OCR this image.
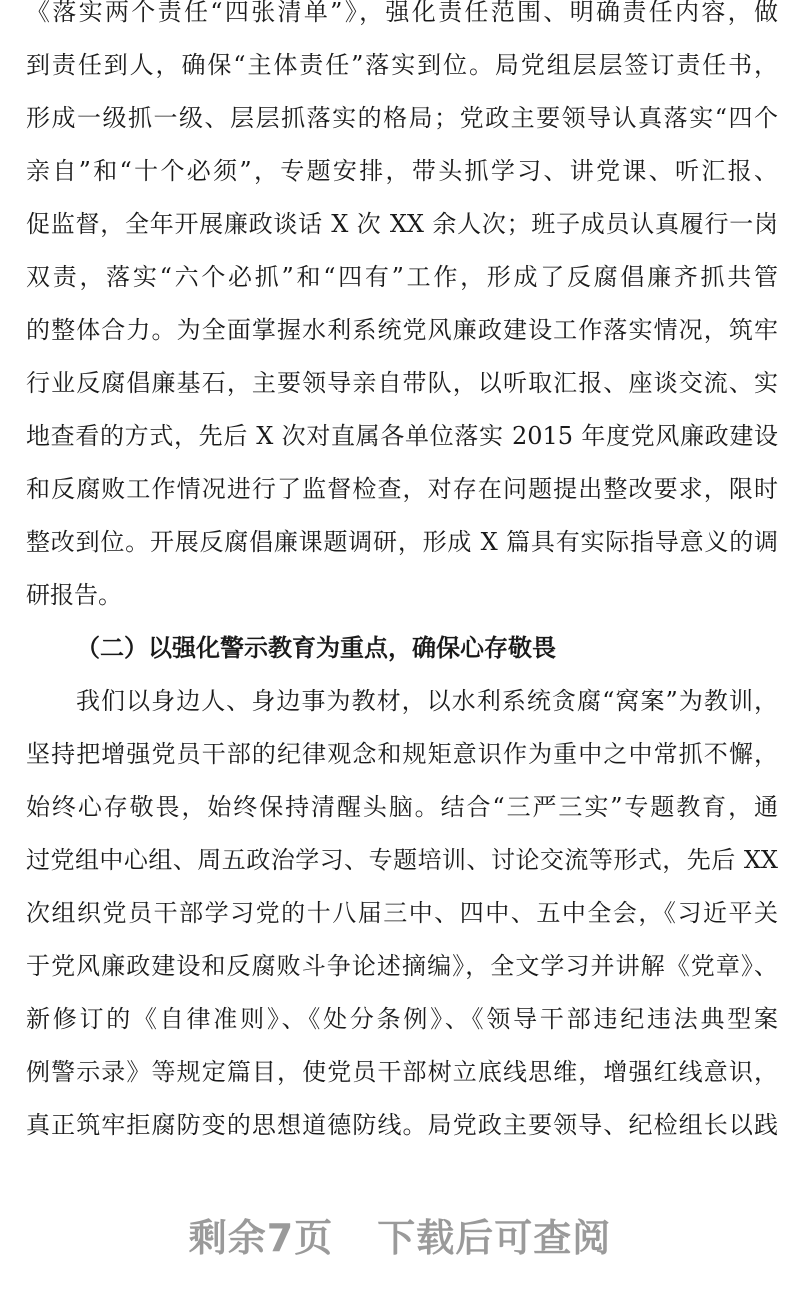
《落实两个责任“四张清单”》，强化责任范围、明确责任内容，做
到责任到人，确保“主体责任”落实到位。局党组层层签订责任书，
形成一级抓一级、层层抓落实的格局；党政主要领导认真落实“四个
亲自”和“十个必须”，专题安排，带头抓学习、讲党课、听汇报、
促监督，全年开展廉政谈话 X 次 XX 余人次；班子成员认真履行一岗
双责，落实“六个必抓”和“四有”工作，形成了反腐倡廉齐抓共管
的整体合力。为全面掌握水利系统党风廉政建设工作落实情况，筑牢
行业反腐倡廉基石，主要领导亲自带队，以听取汇报、座谈交流、实
地查看的方式，先后 X 次对直属各单位落实 2015 年度党风廉政建设
和反腐败工作情况进行了监督检查，对存在问题提出整改要求，限时
整改到位。开展反腐倡廉课题调研，形成 X 篇具有实际指导意义的调
研报告。
（二）以强化警示教育为重点，确保心存敬畏
我们以身边人、身边事为教材，以水利系统贪腐“窝案”为教训，
坚持把增强党员干部的纪律观念和规矩意识作为重中之中常抓不懈，
始终心存敬畏，始终保持清醒头脑。结合“三严三实”专题教育，通
过党组中心组、周五政治学习、专题培训、讨论交流等形式，先后 XX
次组织党员干部学习党的十八届三中、四中、五中全会，《习近平关
于党风廉政建设和反腐败斗争论述摘编》，全文学习并讲解《党章》、
新修订的《自律准则》、《处分条例》、《领导干部违纪违法典型案
例警示录》等规定篇目，使党员干部树立底线思维，增强红线意识，
真正筑牢拒腐防变的思想道德防线。局党政主要领导、纪检组长以践
剩余7页 下载后可查阅
